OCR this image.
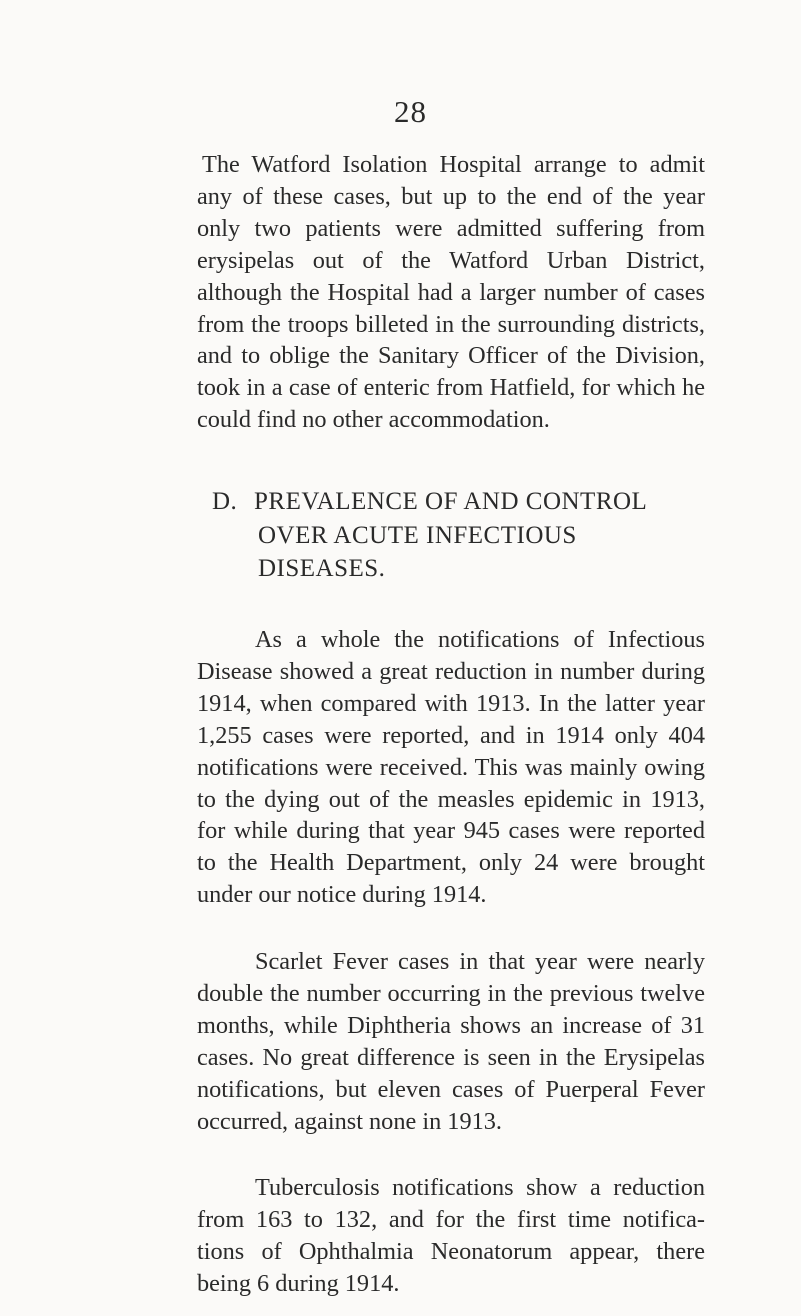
28

The Watford Isolation Hospital arrange to admit any of these cases, but up to the end of the year only two patients were admitted suffering from erysipelas out of the Watford Urban District, although the Hospital had a larger number of cases from the troops billeted in the surrounding districts, and to oblige the Sanitary Officer of the Division, took in a case of enteric from Hatfield, for which he could find no other accommodation.

D. PREVALENCE OF AND CONTROL
OVER ACUTE INFECTIOUS
DISEASES.

As a whole the notifications of Infectious Disease showed a great reduction in number during 1914, when compared with 1913. In the latter year 1,255 cases were reported, and in 1914 only 404 notifications were received. This was mainly owing to the dying out of the measles epidemic in 1913, for while during that year 945 cases were reported to the Health Department, only 24 were brought under our notice during 1914.

Scarlet Fever cases in that year were nearly double the number occurring in the previous twelve months, while Diphtheria shows an increase of 31 cases. No great difference is seen in the Erysipelas notifications, but eleven cases of Puerperal Fever occurred, against none in 1913.

Tuberculosis notifications show a reduction from 163 to 132, and for the first time notifica- tions of Ophthalmia Neonatorum appear, there being 6 during 1914.
